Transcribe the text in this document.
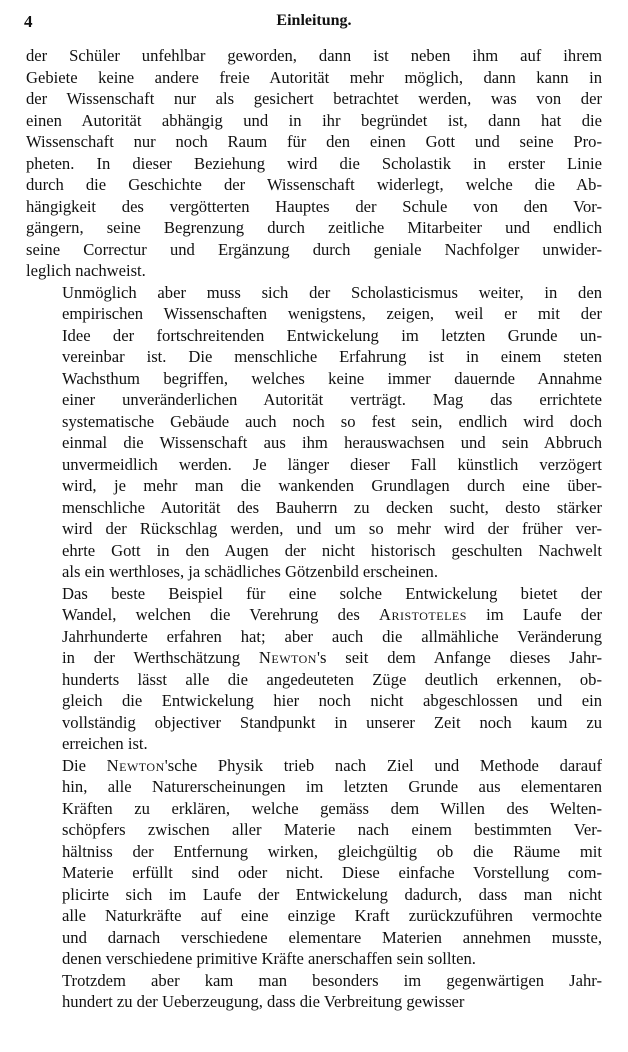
4	Einleitung.
der Schüler unfehlbar geworden, dann ist neben ihm auf ihrem
Gebiete keine andere freie Autorität mehr möglich, dann kann in
der Wissenschaft nur als gesichert betrachtet werden, was von der
einen Autorität abhängig und in ihr begründet ist, dann hat die
Wissenschaft nur noch Raum für den einen Gott und seine Pro-
pheten. In dieser Beziehung wird die Scholastik in erster Linie
durch die Geschichte der Wissenschaft widerlegt, welche die Ab-
hängigkeit des vergötterten Hauptes der Schule von den Vor-
gängern, seine Begrenzung durch zeitliche Mitarbeiter und endlich
seine Correctur und Ergänzung durch geniale Nachfolger unwider-
leglich nachweist.
Unmöglich aber muss sich der Scholasticismus weiter, in den
empirischen Wissenschaften wenigstens, zeigen, weil er mit der
Idee der fortschreitenden Entwickelung im letzten Grunde un-
vereinbar ist. Die menschliche Erfahrung ist in einem steten
Wachsthum begriffen, welches keine immer dauernde Annahme
einer unveränderlichen Autorität verträgt. Mag das errichtete
systematische Gebäude auch noch so fest sein, endlich wird doch
einmal die Wissenschaft aus ihm herauswachsen und sein Abbruch
unvermeidlich werden. Je länger dieser Fall künstlich verzögert
wird, je mehr man die wankenden Grundlagen durch eine über-
menschliche Autorität des Bauherrn zu decken sucht, desto stärker
wird der Rückschlag werden, und um so mehr wird der früher ver-
ehrte Gott in den Augen der nicht historisch geschulten Nachwelt
als ein werthloses, ja schädliches Götzenbild erscheinen.
Das beste Beispiel für eine solche Entwickelung bietet der
Wandel, welchen die Verehrung des Aristoteles im Laufe der
Jahrhunderte erfahren hat; aber auch die allmähliche Veränderung
in der Werthschätzung Newton's seit dem Anfange dieses Jahr-
hunderts lässt alle die angedeuteten Züge deutlich erkennen, ob-
gleich die Entwickelung hier noch nicht abgeschlossen und ein
vollständig objectiver Standpunkt in unserer Zeit noch kaum zu
erreichen ist.
Die Newton'sche Physik trieb nach Ziel und Methode darauf
hin, alle Naturerscheinungen im letzten Grunde aus elementaren
Kräften zu erklären, welche gemäss dem Willen des Welten-
schöpfers zwischen aller Materie nach einem bestimmten Ver-
hältniss der Entfernung wirken, gleichgültig ob die Räume mit
Materie erfüllt sind oder nicht. Diese einfache Vorstellung com-
plicirte sich im Laufe der Entwickelung dadurch, dass man nicht
alle Naturkräfte auf eine einzige Kraft zurückzuführen vermochte
und darnach verschiedene elementare Materien annehmen musste,
denen verschiedene primitive Kräfte anerschaffen sein sollten.
Trotzdem aber kam man besonders im gegenwärtigen Jahr-
hundert zu der Ueberzeugung, dass die Verbreitung gewisser
